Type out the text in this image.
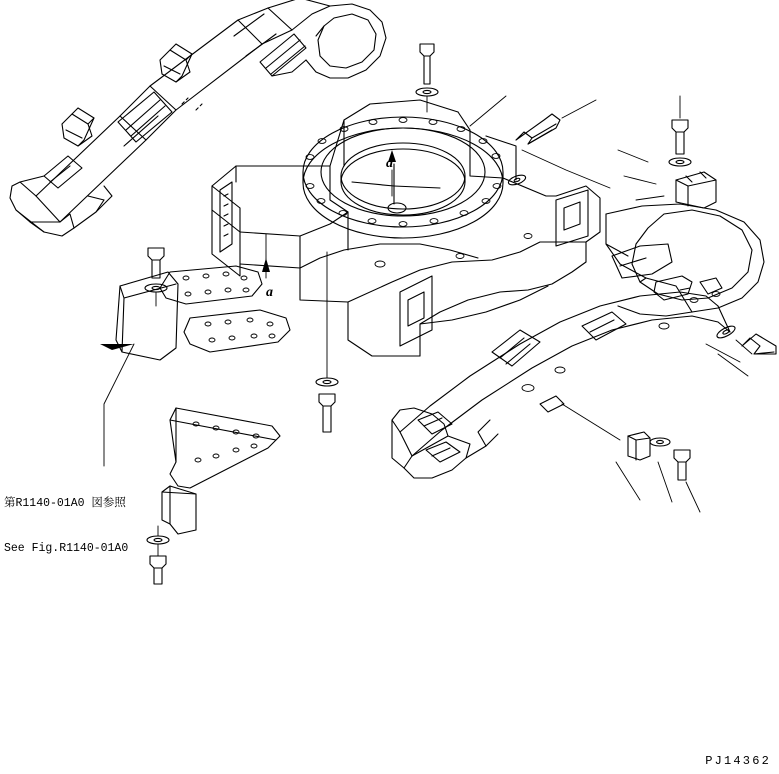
a
a

第R1140-01A0 図参照

See Fig.R1140-01A0

PJ14362
